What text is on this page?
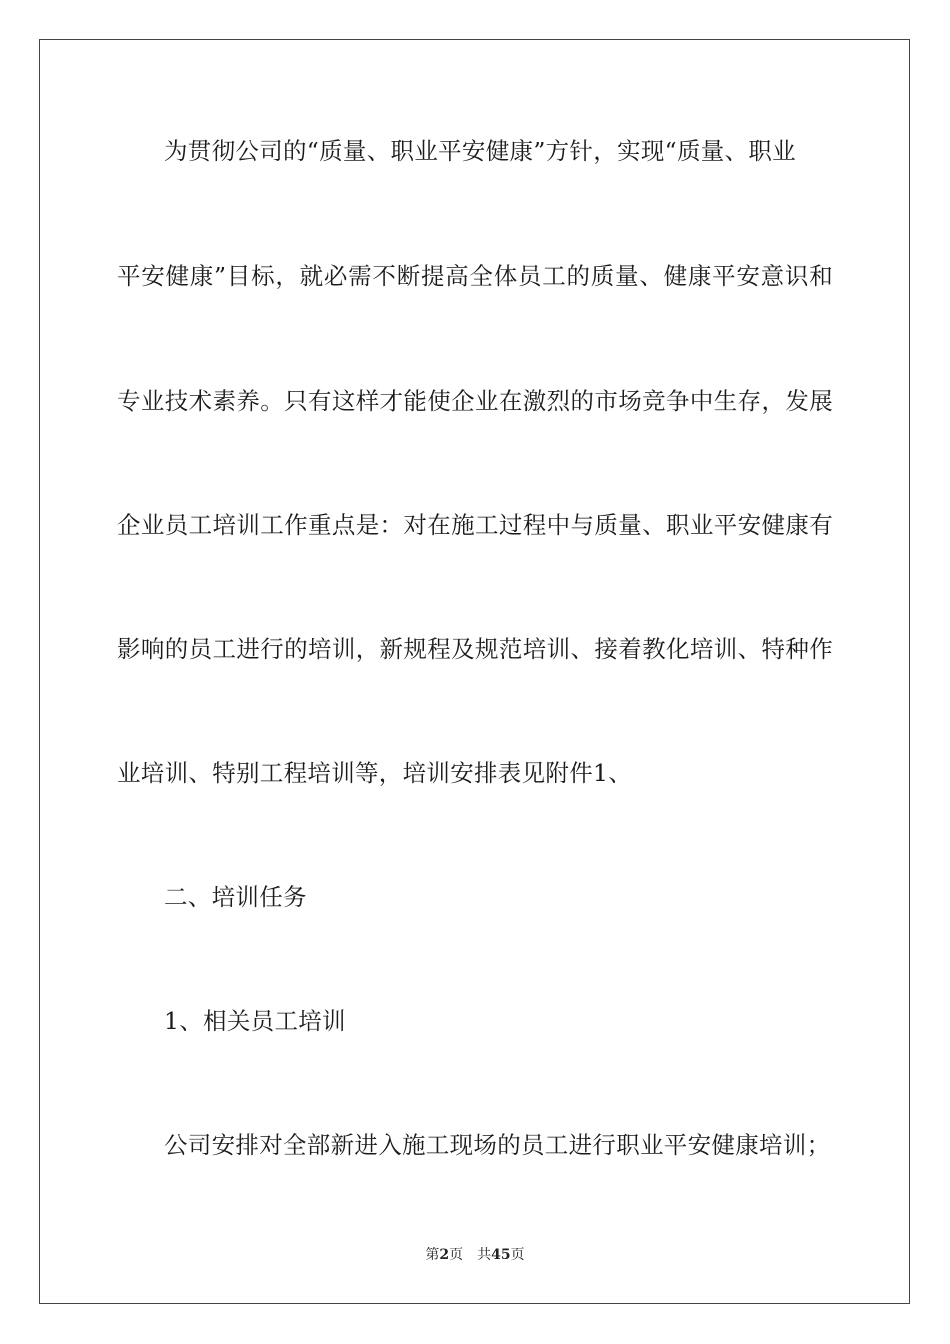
为贯彻公司的“质量、职业平安健康”方针，实现“质量、职业
平安健康”目标，就必需不断提高全体员工的质量、健康平安意识和
专业技术素养。只有这样才能使企业在激烈的市场竞争中生存，发展
企业员工培训工作重点是：对在施工过程中与质量、职业平安健康有
影响的员工进行的培训，新规程及规范培训、接着教化培训、特种作
业培训、特别工程培训等，培训安排表见附件1、
二、培训任务
1、相关员工培训
公司安排对全部新进入施工现场的员工进行职业平安健康培训；
第2页 共45页
